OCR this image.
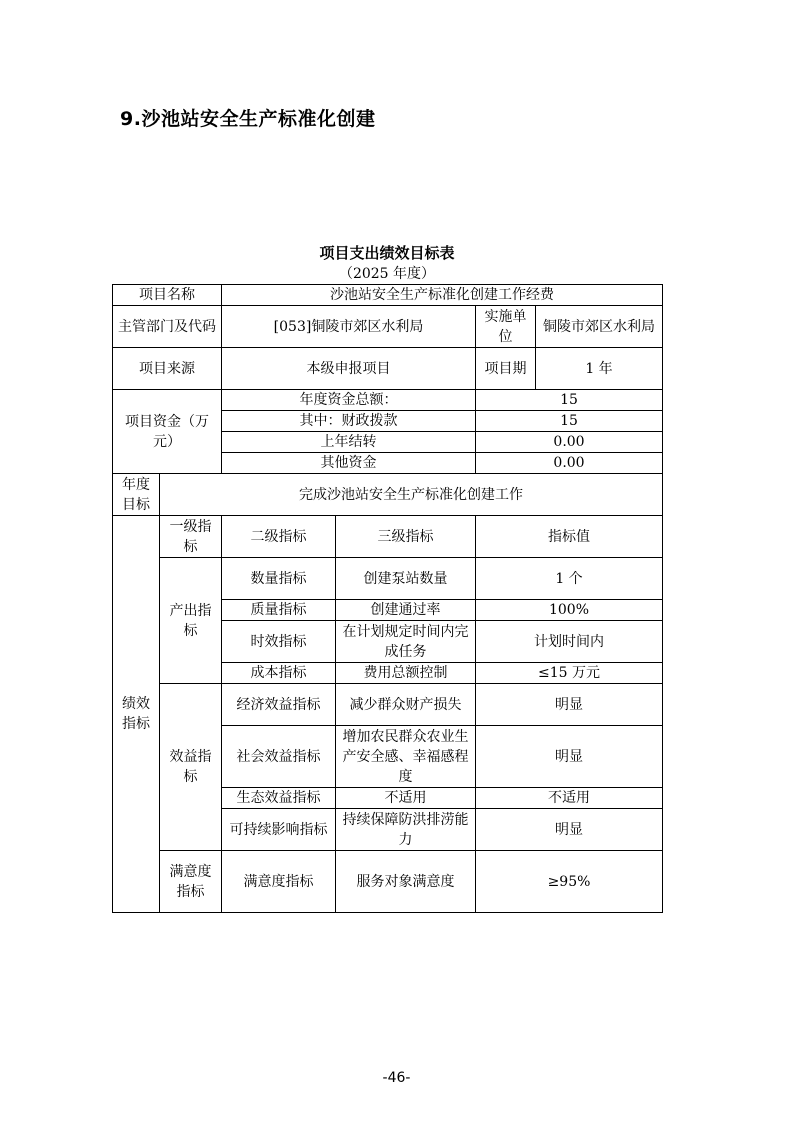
9.沙池站安全生产标准化创建
项目支出绩效目标表
（2025 年度）
项目名称		沙池站安全生产标准化创建工作经费			
主管部门及代码		[053]铜陵市郊区水利局		实施单位	铜陵市郊区水利局
项目来源		本级申报项目		项目期	1 年
项目资金（万元）		年度资金总额：		15	
		其中：财政拨款		15	
		上年结转		0.00	
		其他资金		0.00	
年度目标	完成沙池站安全生产标准化创建工作				
绩效指标	一级指标	二级指标	三级指标	指标值	
	产出指标	数量指标	创建泵站数量	1 个	
		质量指标	创建通过率	100%	
		时效指标	在计划规定时间内完成任务	计划时间内	
		成本指标	费用总额控制	≤15 万元	
	效益指标	经济效益指标	减少群众财产损失	明显	
		社会效益指标	增加农民群众农业生产安全感、幸福感程度	明显	
		生态效益指标	不适用	不适用	
		可持续影响指标	持续保障防洪排涝能力	明显	
	满意度指标	满意度指标	服务对象满意度	≥95%	
-46-
